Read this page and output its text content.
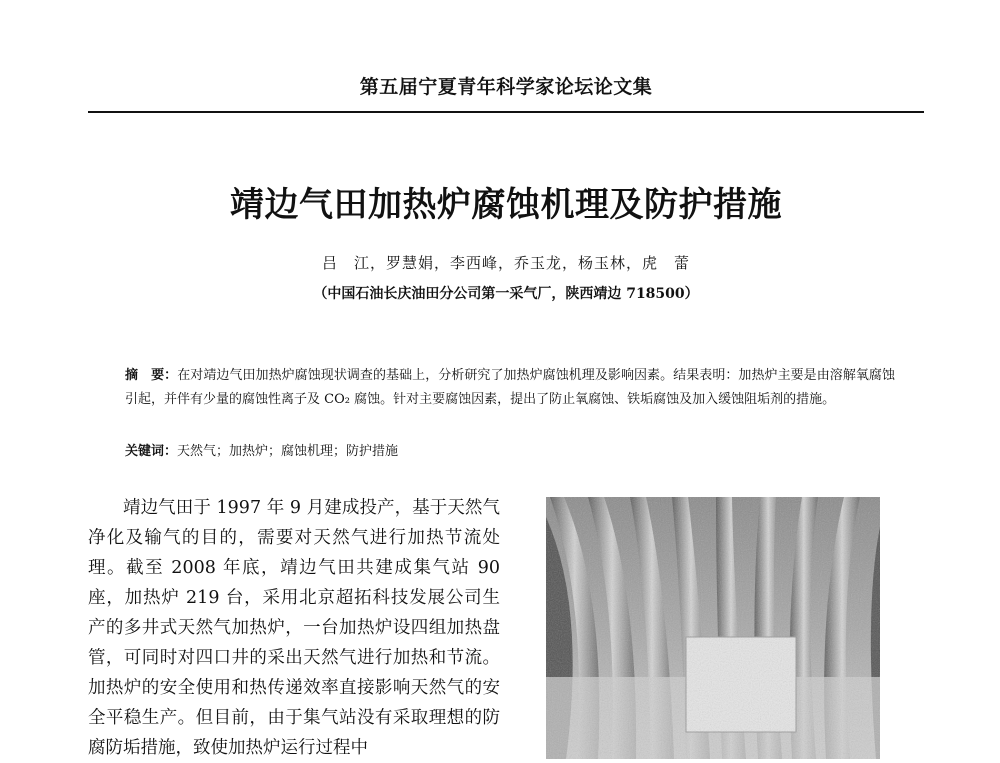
第五届宁夏青年科学家论坛论文集
靖边气田加热炉腐蚀机理及防护措施
吕　江，罗慧娟，李西峰，乔玉龙，杨玉林，虎　蕾
（中国石油长庆油田分公司第一采气厂，陕西靖边 718500）
摘　要：在对靖边气田加热炉腐蚀现状调查的基础上，分析研究了加热炉腐蚀机理及影响因素。结果表明：加热炉主要是由溶解氧腐蚀引起，并伴有少量的腐蚀性离子及 CO₂ 腐蚀。针对主要腐蚀因素，提出了防止氧腐蚀、铁垢腐蚀及加入缓蚀阻垢剂的措施。
关键词：天然气；加热炉；腐蚀机理；防护措施

靖边气田于 1997 年 9 月建成投产，基于天然气净化及输气的目的，需要对天然气进行加热节流处理。截至 2008 年底，靖边气田共建成集气站 90 座，加热炉 219 台，采用北京超拓科技发展公司生产的多井式天然气加热炉，一台加热炉设四组加热盘管，可同时对四口井的采出天然气进行加热和节流。加热炉的安全使用和热传递效率直接影响天然气的安全平稳生产。但目前，由于集气站没有采取理想的防腐防垢措施，致使加热炉运行过程中
